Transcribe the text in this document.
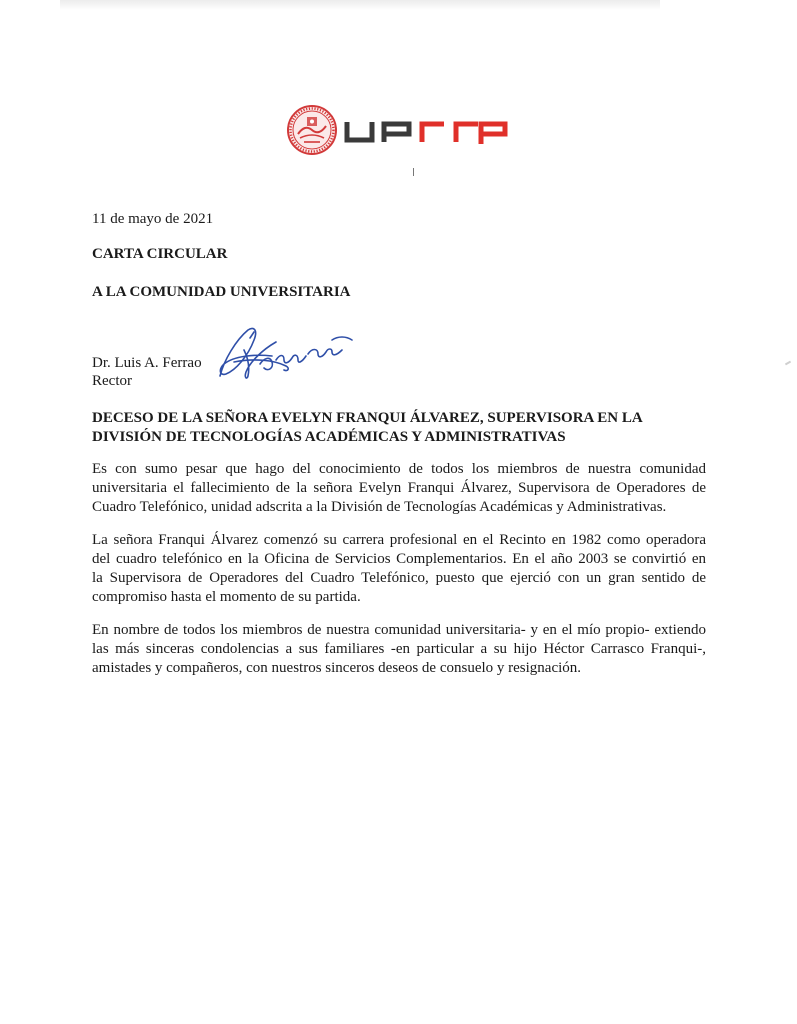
11 de mayo de 2021
CARTA CIRCULAR
A LA COMUNIDAD UNIVERSITARIA
Dr. Luis A. Ferrao
Rector
DECESO DE LA SEÑORA EVELYN FRANQUI ÁLVAREZ, SUPERVISORA EN LA
DIVISIÓN DE TECNOLOGÍAS ACADÉMICAS Y ADMINISTRATIVAS
Es con sumo pesar que hago del conocimiento de todos los miembros de nuestra comunidad
universitaria el fallecimiento de la señora Evelyn Franqui Álvarez, Supervisora de Operadores de
Cuadro Telefónico, unidad adscrita a la División de Tecnologías Académicas y Administrativas.
La señora Franqui Álvarez comenzó su carrera profesional en el Recinto en 1982 como operadora
del cuadro telefónico en la Oficina de Servicios Complementarios. En el año 2003 se convirtió en
la Supervisora de Operadores del Cuadro Telefónico, puesto que ejerció con un gran sentido de
compromiso hasta el momento de su partida.
En nombre de todos los miembros de nuestra comunidad universitaria- y en el mío propio- extiendo
las más sinceras condolencias a sus familiares -en particular a su hijo Héctor Carrasco Franqui-,
amistades y compañeros, con nuestros sinceros deseos de consuelo y resignación.
